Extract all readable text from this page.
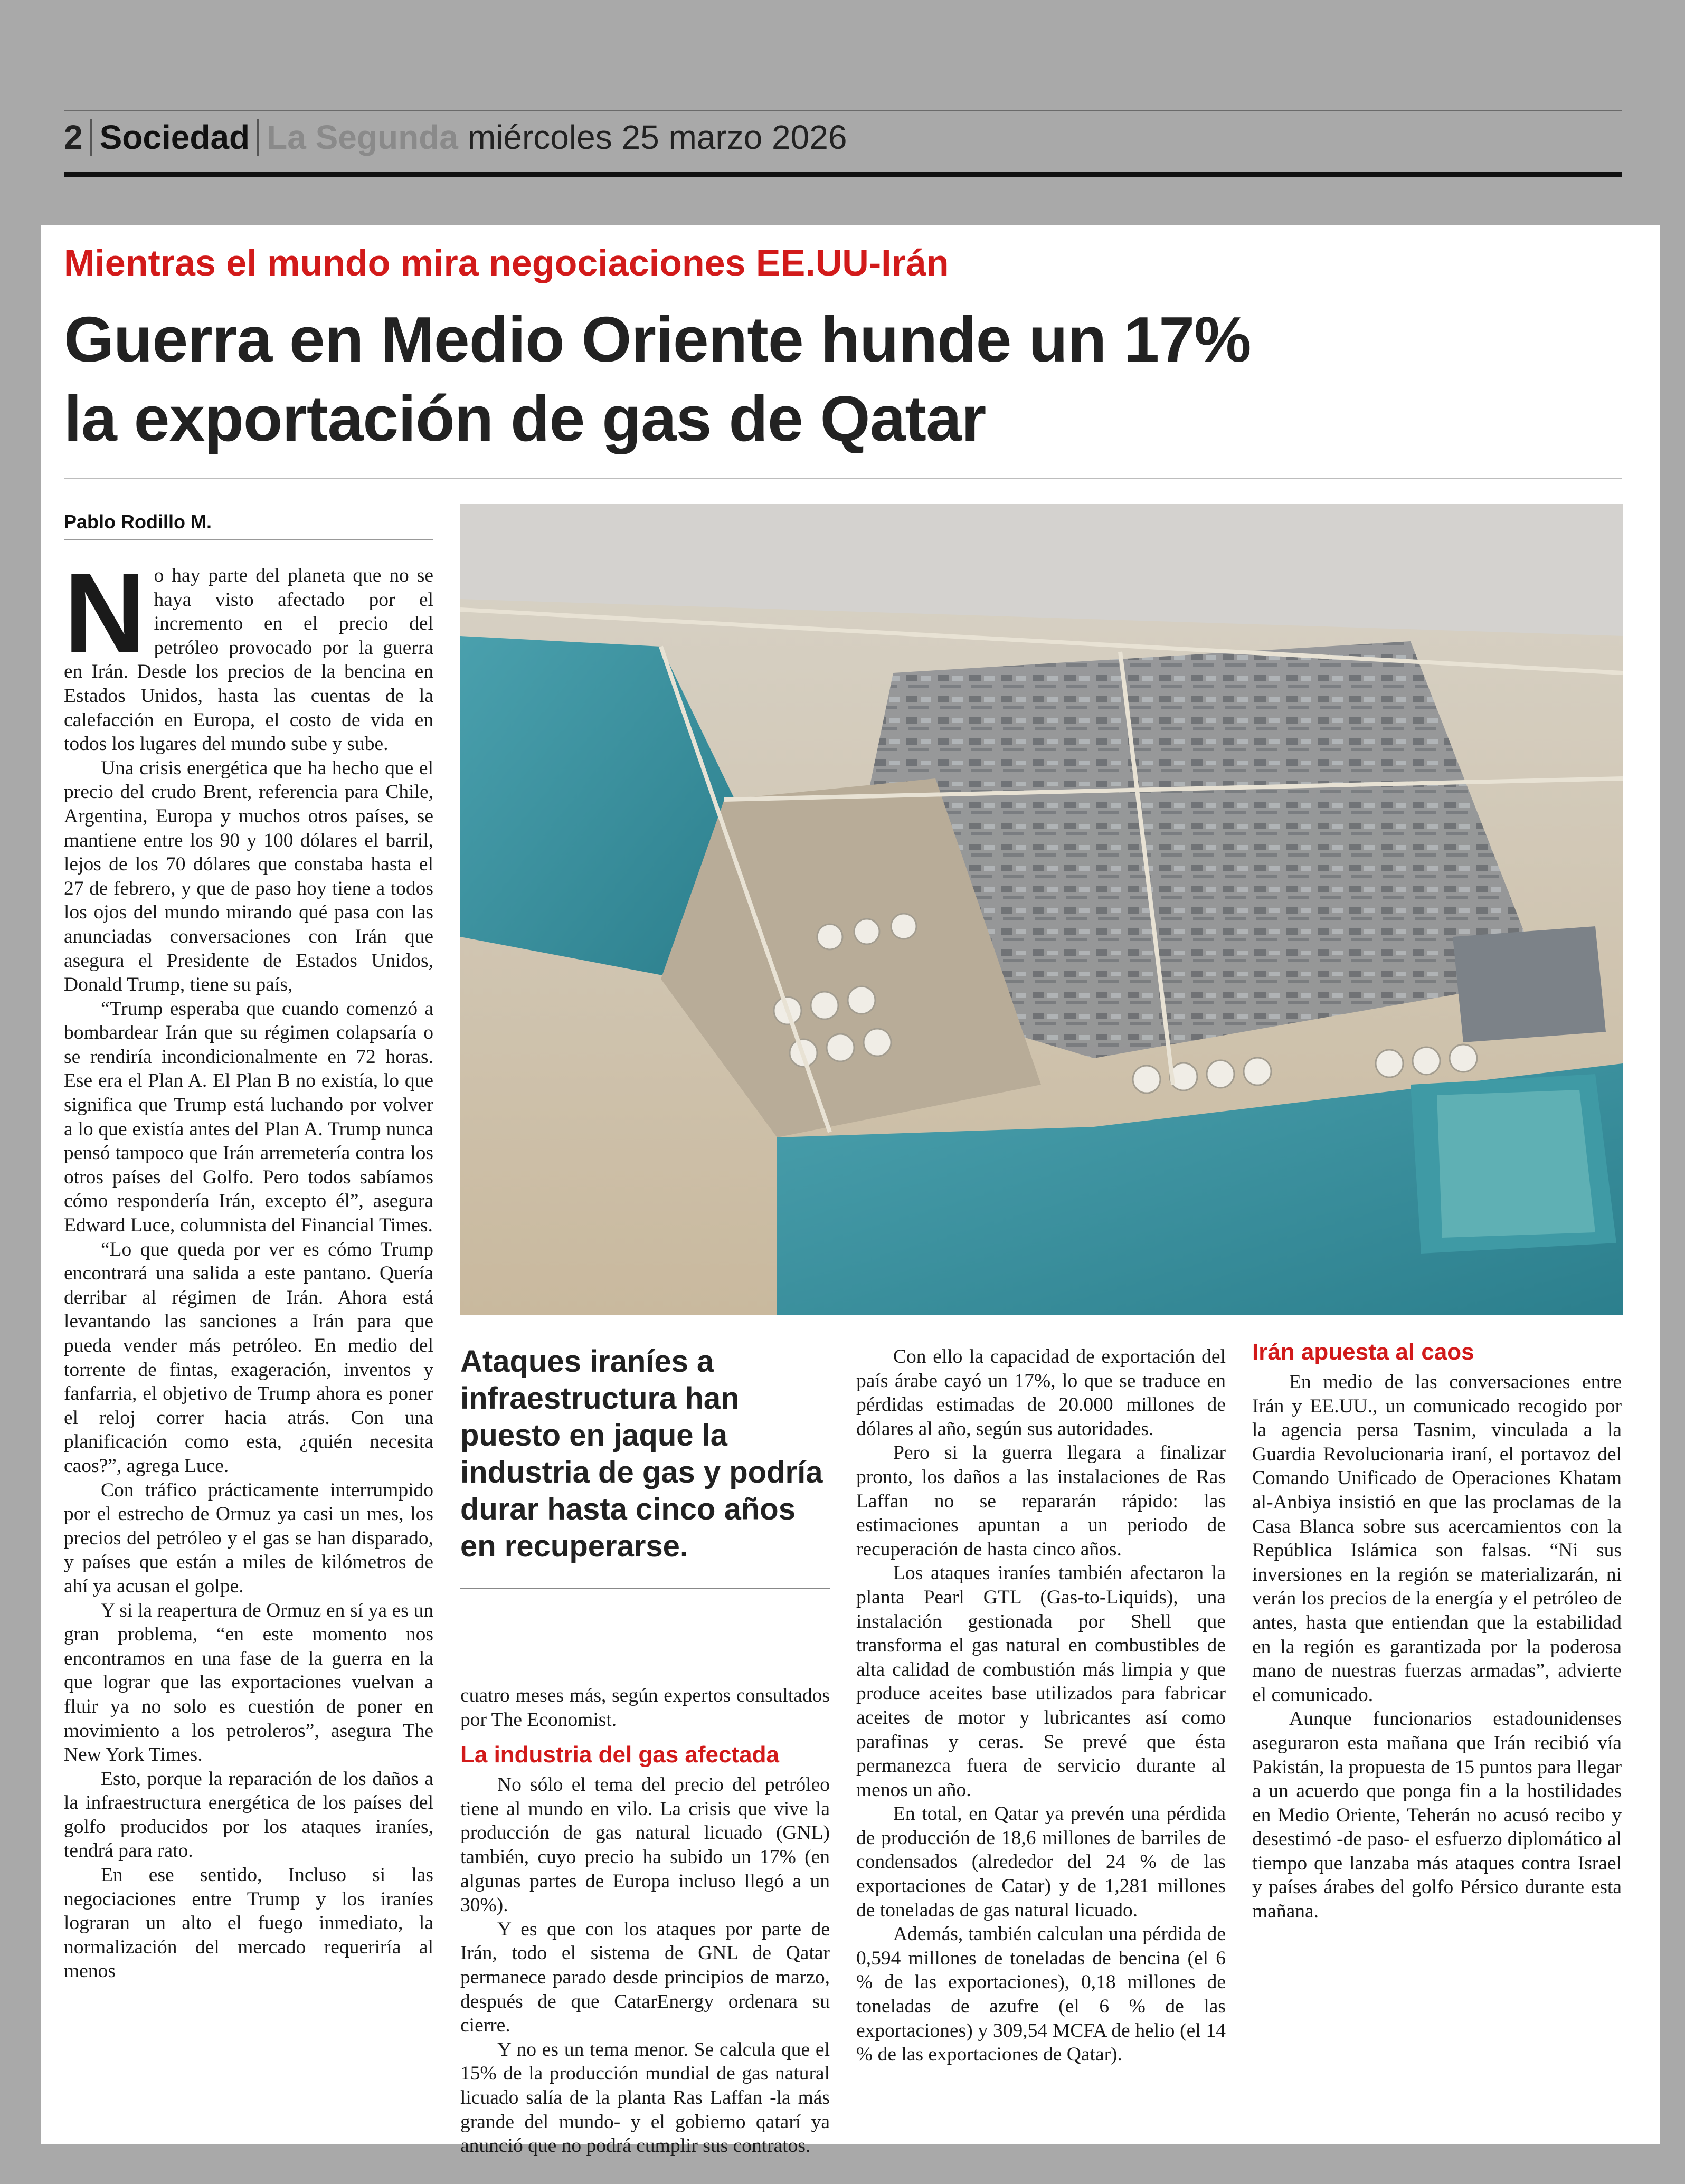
2 Sociedad La Segunda miércoles 25 marzo 2026
Mientras el mundo mira negociaciones EE.UU-Irán
Guerra en Medio Oriente hunde un 17%
la exportación de gas de Qatar
Pablo Rodillo M.

No hay parte del planeta que no se haya visto afectado por el incremento en el precio del petróleo provocado por la guerra en Irán. Desde los precios de la bencina en Estados Unidos, hasta las cuentas de la calefacción en Europa, el costo de vida en todos los lugares del mundo sube y sube.

Una crisis energética que ha hecho que el precio del crudo Brent, referencia para Chile, Argentina, Europa y muchos otros países, se mantiene entre los 90 y 100 dólares el barril, lejos de los 70 dólares que constaba hasta el 27 de febrero, y que de paso hoy tiene a todos los ojos del mundo mirando qué pasa con las anunciadas conversaciones con Irán que asegura el Presidente de Estados Unidos, Donald Trump, tiene su país,

“Trump esperaba que cuando comenzó a bombardear Irán que su régimen colapsaría o se rendiría incondicionalmente en 72 horas. Ese era el Plan A. El Plan B no existía, lo que significa que Trump está luchando por volver a lo que existía antes del Plan A. Trump nunca pensó tampoco que Irán arremetería contra los otros países del Golfo. Pero todos sabíamos cómo respondería Irán, excepto él”, asegura Edward Luce, columnista del Financial Times.

“Lo que queda por ver es cómo Trump encontrará una salida a este pantano. Quería derribar al régimen de Irán. Ahora está levantando las sanciones a Irán para que pueda vender más petróleo. En medio del torrente de fintas, exageración, inventos y fanfarria, el objetivo de Trump ahora es poner el reloj correr hacia atrás. Con una planificación como esta, ¿quién necesita caos?”, agrega Luce.

Con tráfico prácticamente interrumpido por el estrecho de Ormuz ya casi un mes, los precios del petróleo y el gas se han disparado, y países que están a miles de kilómetros de ahí ya acusan el golpe.

Y si la reapertura de Ormuz en sí ya es un gran problema, “en este momento nos encontramos en una fase de la guerra en la que lograr que las exportaciones vuelvan a fluir ya no solo es cuestión de poner en movimiento a los petroleros”, asegura The New York Times.

Esto, porque la reparación de los daños a la infraestructura energética de los países del golfo producidos por los ataques iraníes, tendrá para rato.

En ese sentido, Incluso si las negociaciones entre Trump y los iraníes lograran un alto el fuego inmediato, la normalización del mercado requeriría al menos

Ataques iraníes a infraestructura han puesto en jaque la industria de gas y podría durar hasta cinco años en recuperarse.

cuatro meses más, según expertos consultados por The Economist.

La industria del gas afectada

No sólo el tema del precio del petróleo tiene al mundo en vilo. La crisis que vive la producción de gas natural licuado (GNL) también, cuyo precio ha subido un 17% (en algunas partes de Europa incluso llegó a un 30%).

Y es que con los ataques por parte de Irán, todo el sistema de GNL de Qatar permanece parado desde principios de marzo, después de que CatarEnergy ordenara su cierre.

Y no es un tema menor. Se calcula que el 15% de la producción mundial de gas natural licuado salía de la planta Ras Laffan -la más grande del mundo- y el gobierno qatarí ya anunció que no podrá cumplir sus contratos.

Con ello la capacidad de exportación del país árabe cayó un 17%, lo que se traduce en pérdidas estimadas de 20.000 millones de dólares al año, según sus autoridades.

Pero si la guerra llegara a finalizar pronto, los daños a las instalaciones de Ras Laffan no se repararán rápido: las estimaciones apuntan a un periodo de recuperación de hasta cinco años.

Los ataques iraníes también afectaron la planta Pearl GTL (Gas-to-Liquids), una instalación gestionada por Shell que transforma el gas natural en combustibles de alta calidad de combustión más limpia y que produce aceites base utilizados para fabricar aceites de motor y lubricantes así como parafinas y ceras. Se prevé que ésta permanezca fuera de servicio durante al menos un año.

En total, en Qatar ya prevén una pérdida de producción de 18,6 millones de barriles de condensados (alrededor del 24 % de las exportaciones de Catar) y de 1,281 millones de toneladas de gas natural licuado.

Además, también calculan una pérdida de 0,594 millones de toneladas de bencina (el 6 % de las exportaciones), 0,18 millones de toneladas de azufre (el 6 % de las exportaciones) y 309,54 MCFA de helio (el 14 % de las exportaciones de Qatar).

Irán apuesta al caos

En medio de las conversaciones entre Irán y EE.UU., un comunicado recogido por la agencia persa Tasnim, vinculada a la Guardia Revolucionaria iraní, el portavoz del Comando Unificado de Operaciones Khatam al-Anbiya insistió en que las proclamas de la Casa Blanca sobre sus acercamientos con la República Islámica son falsas. “Ni sus inversiones en la región se materializarán, ni verán los precios de la energía y el petróleo de antes, hasta que entiendan que la estabilidad en la región es garantizada por la poderosa mano de nuestras fuerzas armadas”, advierte el comunicado.

Aunque funcionarios estadounidenses aseguraron esta mañana que Irán recibió vía Pakistán, la propuesta de 15 puntos para llegar a un acuerdo que ponga fin a la hostilidades en Medio Oriente, Teherán no acusó recibo y desestimó -de paso- el esfuerzo diplomático al tiempo que lanzaba más ataques contra Israel y países árabes del golfo Pérsico durante esta mañana.
